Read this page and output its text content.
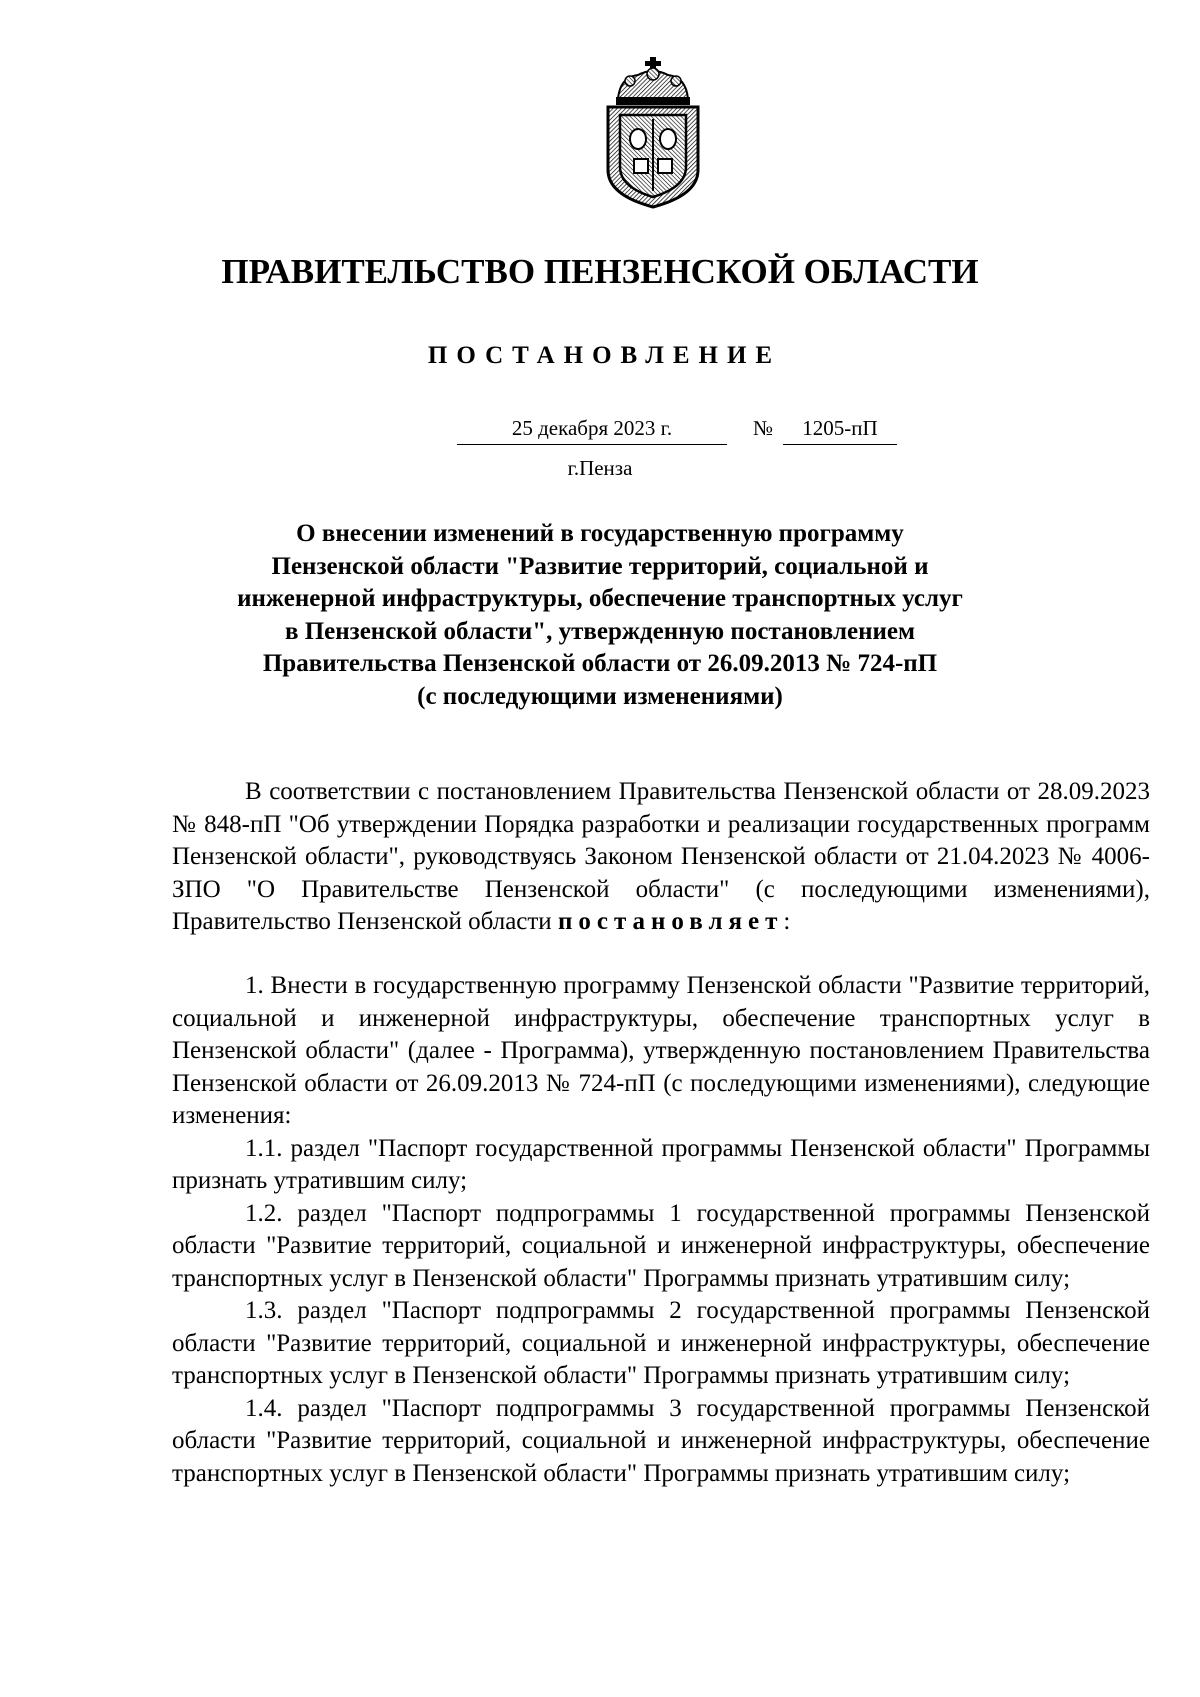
ПРАВИТЕЛЬСТВО ПЕНЗЕНСКОЙ ОБЛАСТИ
ПОСТАНОВЛЕНИЕ
25 декабря 2023 г.	№	1205-пП
г.Пенза
О внесении изменений в государственную программу
Пензенской области "Развитие территорий, социальной и
инженерной инфраструктуры, обеспечение транспортных услуг
в Пензенской области", утвержденную постановлением
Правительства Пензенской области от 26.09.2013 № 724-пП
(с последующими изменениями)
В соответствии с постановлением Правительства Пензенской области от 28.09.2023 № 848-пП "Об утверждении Порядка разработки и реализации государственных программ Пензенской области", руководствуясь Законом Пензенской области от 21.04.2023 № 4006-ЗПО "О Правительстве Пензенской области" (с последующими изменениями), Правительство Пензенской области постановляет:

1. Внести в государственную программу Пензенской области "Развитие территорий, социальной и инженерной инфраструктуры, обеспечение транспортных услуг в Пензенской области" (далее - Программа), утвержденную постановлением Правительства Пензенской области от 26.09.2013 № 724-пП (с последующими изменениями), следующие изменения:

1.1. раздел "Паспорт государственной программы Пензенской области" Программы признать утратившим силу;

1.2. раздел "Паспорт подпрограммы 1 государственной программы Пензенской области "Развитие территорий, социальной и инженерной инфраструктуры, обеспечение транспортных услуг в Пензенской области" Программы признать утратившим силу;

1.3. раздел "Паспорт подпрограммы 2 государственной программы Пензенской области "Развитие территорий, социальной и инженерной инфраструктуры, обеспечение транспортных услуг в Пензенской области" Программы признать утратившим силу;

1.4. раздел "Паспорт подпрограммы 3 государственной программы Пензенской области "Развитие территорий, социальной и инженерной инфраструктуры, обеспечение транспортных услуг в Пензенской области" Программы признать утратившим силу;
